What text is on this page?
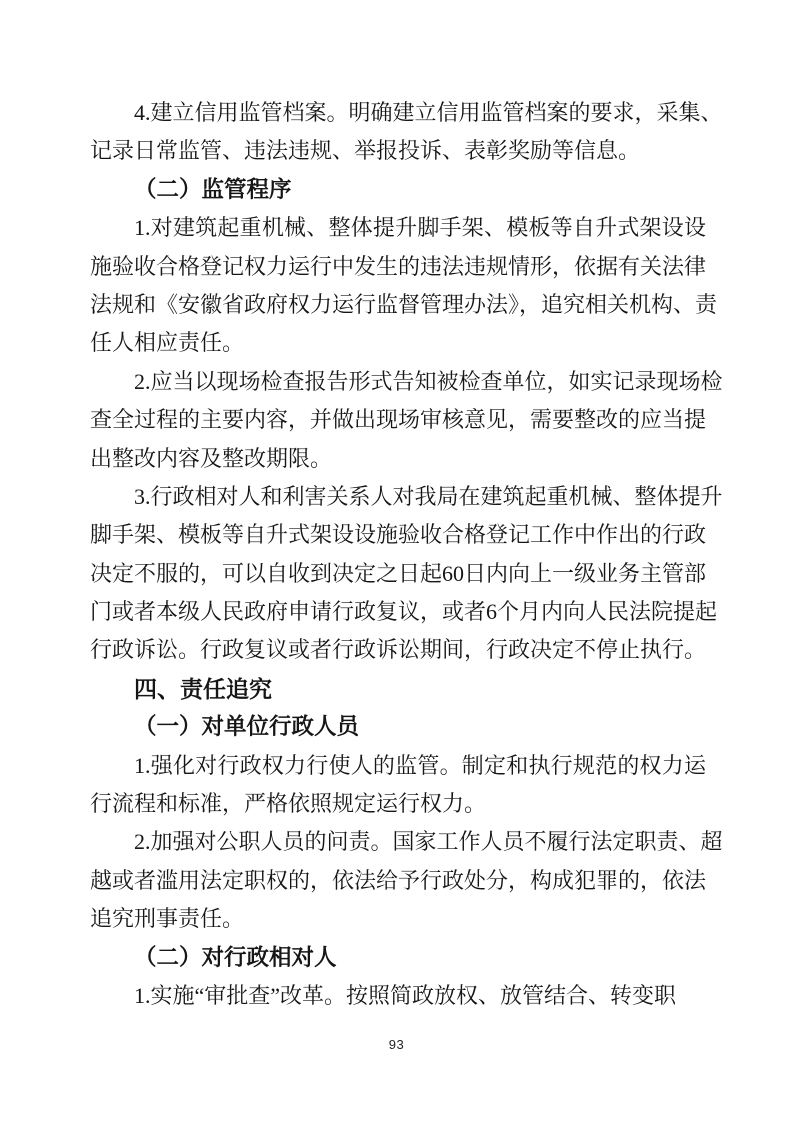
4.建立信用监管档案。明确建立信用监管档案的要求，采集、
记录日常监管、违法违规、举报投诉、表彰奖励等信息。

（二）监管程序

1.对建筑起重机械、整体提升脚手架、模板等自升式架设设
施验收合格登记权力运行中发生的违法违规情形，依据有关法律
法规和《安徽省政府权力运行监督管理办法》，追究相关机构、责
任人相应责任。

2.应当以现场检查报告形式告知被检查单位，如实记录现场检
查全过程的主要内容，并做出现场审核意见，需要整改的应当提
出整改内容及整改期限。

3.行政相对人和利害关系人对我局在建筑起重机械、整体提升
脚手架、模板等自升式架设设施验收合格登记工作中作出的行政
决定不服的，可以自收到决定之日起60日内向上一级业务主管部
门或者本级人民政府申请行政复议，或者6个月内向人民法院提起
行政诉讼。行政复议或者行政诉讼期间，行政决定不停止执行。

四、责任追究

（一）对单位行政人员

1.强化对行政权力行使人的监管。制定和执行规范的权力运
行流程和标准，严格依照规定运行权力。

2.加强对公职人员的问责。国家工作人员不履行法定职责、超
越或者滥用法定职权的，依法给予行政处分，构成犯罪的，依法
追究刑事责任。

（二）对行政相对人

1.实施“审批查”改革。按照简政放权、放管结合、转变职

93
